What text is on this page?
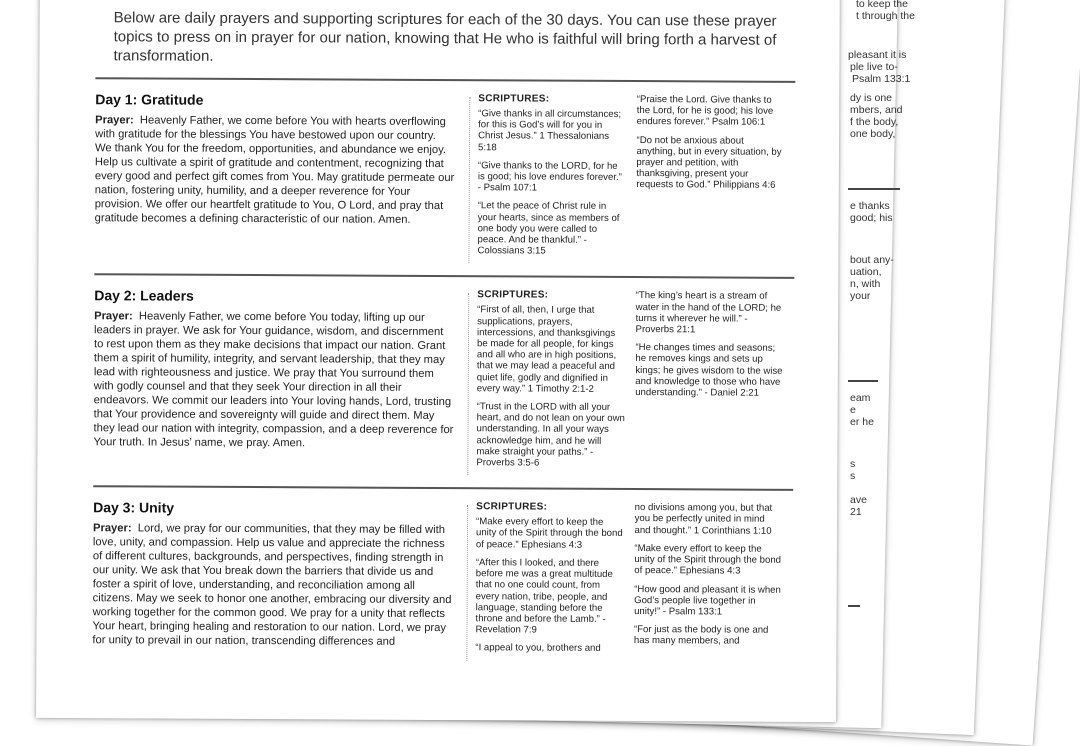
to keep the
t through the
pleasant it is
ple live to-
Psalm 133:1
dy is one
mbers, and
f the body,
one body,
e thanks
good; his
bout any-
uation,
n, with
your
eam
e
er he
s
s
ave
21

Below are daily prayers and supporting scriptures for each of the 30 days. You can use these prayer topics to press on in prayer for our nation, knowing that He who is faithful will bring forth a harvest of transformation.

Day 1: Gratitude

Prayer: Heavenly Father, we come before You with hearts overflowing with gratitude for the blessings You have bestowed upon our country. We thank You for the freedom, opportunities, and abundance we enjoy. Help us cultivate a spirit of gratitude and contentment, recognizing that every good and perfect gift comes from You. May gratitude permeate our nation, fostering unity, humility, and a deeper reverence for Your provision. We offer our heartfelt gratitude to You, O Lord, and pray that gratitude becomes a defining characteristic of our nation. Amen.

SCRIPTURES:

“Give thanks in all circumstances; for this is God’s will for you in Christ Jesus.” 1 Thessalonians 5:18

“Give thanks to the LORD, for he is good; his love endures forever.” - Psalm 107:1

“Let the peace of Christ rule in your hearts, since as members of one body you were called to peace. And be thankful.” -Colossians 3:15

“Praise the Lord. Give thanks to the Lord, for he is good; his love endures forever.” Psalm 106:1

“Do not be anxious about anything, but in every situation, by prayer and petition, with thanksgiving, present your requests to God.” Philippians 4:6

Day 2: Leaders

Prayer: Heavenly Father, we come before You today, lifting up our leaders in prayer. We ask for Your guidance, wisdom, and discernment to rest upon them as they make decisions that impact our nation. Grant them a spirit of humility, integrity, and servant leadership, that they may lead with righteousness and justice. We pray that You surround them with godly counsel and that they seek Your direction in all their endeavors. We commit our leaders into Your loving hands, Lord, trusting that Your providence and sovereignty will guide and direct them. May they lead our nation with integrity, compassion, and a deep reverence for Your truth. In Jesus’ name, we pray. Amen.

SCRIPTURES:

“First of all, then, I urge that supplications, prayers, intercessions, and thanksgivings be made for all people, for kings and all who are in high positions, that we may lead a peaceful and quiet life, godly and dignified in every way.” 1 Timothy 2:1-2

“Trust in the LORD with all your heart, and do not lean on your own understanding. In all your ways acknowledge him, and he will make straight your paths.” - Proverbs 3:5-6

“The king’s heart is a stream of water in the hand of the LORD; he turns it wherever he will.” - Proverbs 21:1

“He changes times and seasons; he removes kings and sets up kings; he gives wisdom to the wise and knowledge to those who have understanding.” - Daniel 2:21

Day 3: Unity

Prayer: Lord, we pray for our communities, that they may be filled with love, unity, and compassion. Help us value and appreciate the richness of different cultures, backgrounds, and perspectives, finding strength in our unity. We ask that You break down the barriers that divide us and foster a spirit of love, understanding, and reconciliation among all citizens. May we seek to honor one another, embracing our diversity and working together for the common good. We pray for a unity that reflects Your heart, bringing healing and restoration to our nation. Lord, we pray for unity to prevail in our nation, transcending differences and

SCRIPTURES:

“Make every effort to keep the unity of the Spirit through the bond of peace.” Ephesians 4:3

“After this I looked, and there before me was a great multitude that no one could count, from every nation, tribe, people, and language, standing before the throne and before the Lamb.” - Revelation 7:9

“I appeal to you, brothers and

no divisions among you, but that you be perfectly united in mind and thought.” 1 Corinthians 1:10

“Make every effort to keep the unity of the Spirit through the bond of peace.” Ephesians 4:3

“How good and pleasant it is when God’s people live together in unity!” - Psalm 133:1

“For just as the body is one and has many members, and
